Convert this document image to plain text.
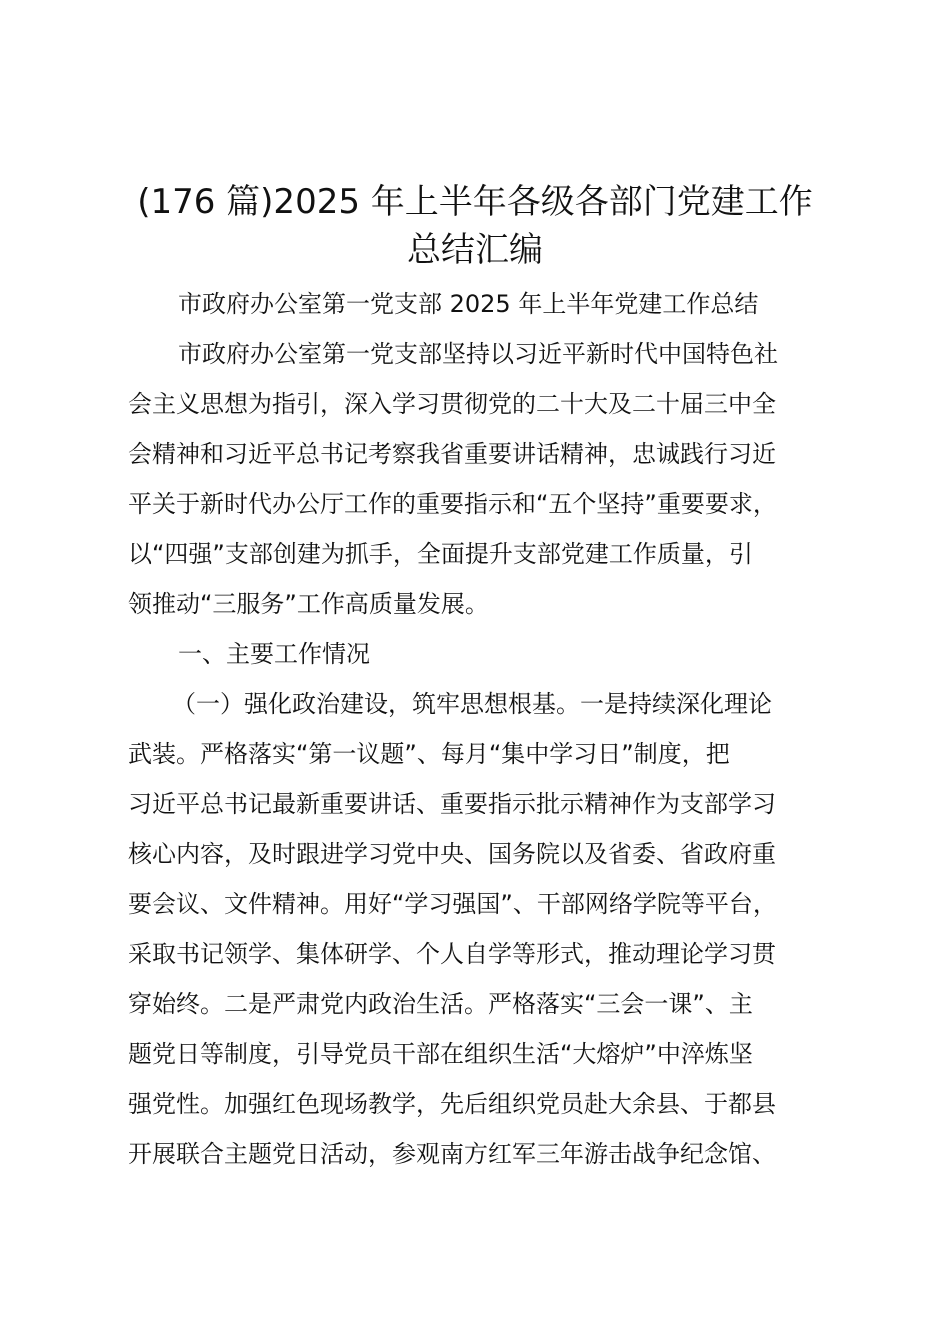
(176 篇)2025 年上半年各级各部门党建工作
总结汇编

市政府办公室第一党支部 2025 年上半年党建工作总结

市政府办公室第一党支部坚持以习近平新时代中国特色社

会主义思想为指引，深入学习贯彻党的二十大及二十届三中全

会精神和习近平总书记考察我省重要讲话精神，忠诚践行习近

平关于新时代办公厅工作的重要指示和“五个坚持”重要要求，

以“四强”支部创建为抓手，全面提升支部党建工作质量，引

领推动“三服务”工作高质量发展。

一、主要工作情况

（一）强化政治建设，筑牢思想根基。一是持续深化理论

武装。严格落实“第一议题”、每月“集中学习日”制度，把

习近平总书记最新重要讲话、重要指示批示精神作为支部学习

核心内容，及时跟进学习党中央、国务院以及省委、省政府重

要会议、文件精神。用好“学习强国”、干部网络学院等平台，

采取书记领学、集体研学、个人自学等形式，推动理论学习贯

穿始终。二是严肃党内政治生活。严格落实“三会一课”、主

题党日等制度，引导党员干部在组织生活“大熔炉”中淬炼坚

强党性。加强红色现场教学，先后组织党员赴大余县、于都县

开展联合主题党日活动，参观南方红军三年游击战争纪念馆、
